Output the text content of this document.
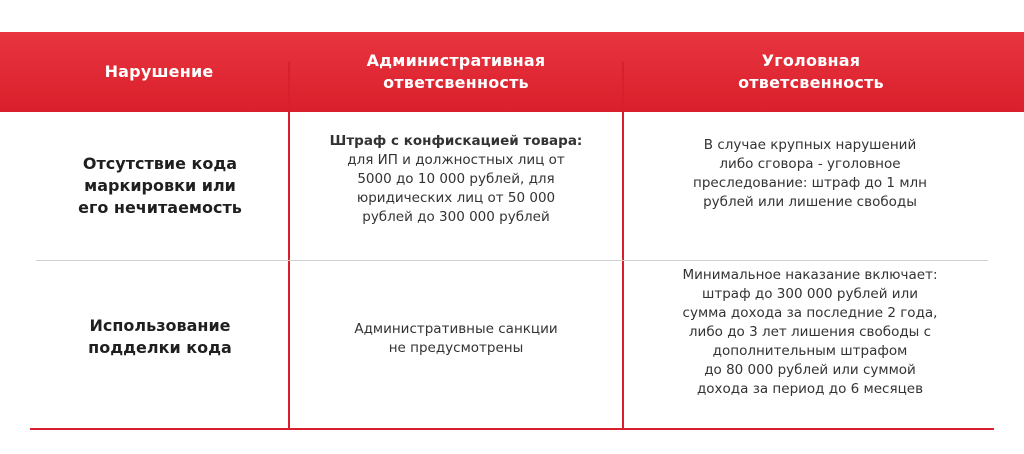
Нарушение
Административная
ответсвенность
Уголовная
ответсвенность
Отсутствие кода
маркировки или
его нечитаемость
Штраф с конфискацией товара:
для ИП и должностных лиц от
5000 до 10 000 рублей, для
юридических лиц от 50 000
рублей до 300 000 рублей
В случае крупных нарушений
либо сговора - уголовное
преследование: штраф до 1 млн
рублей или лишение свободы
Использование
подделки кода
Административные санкции
не предусмотрены
Минимальное наказание включает:
штраф до 300 000 рублей или
сумма дохода за последние 2 года,
либо до 3 лет лишения свободы с
дополнительным штрафом
до 80 000 рублей или суммой
дохода за период до 6 месяцев
